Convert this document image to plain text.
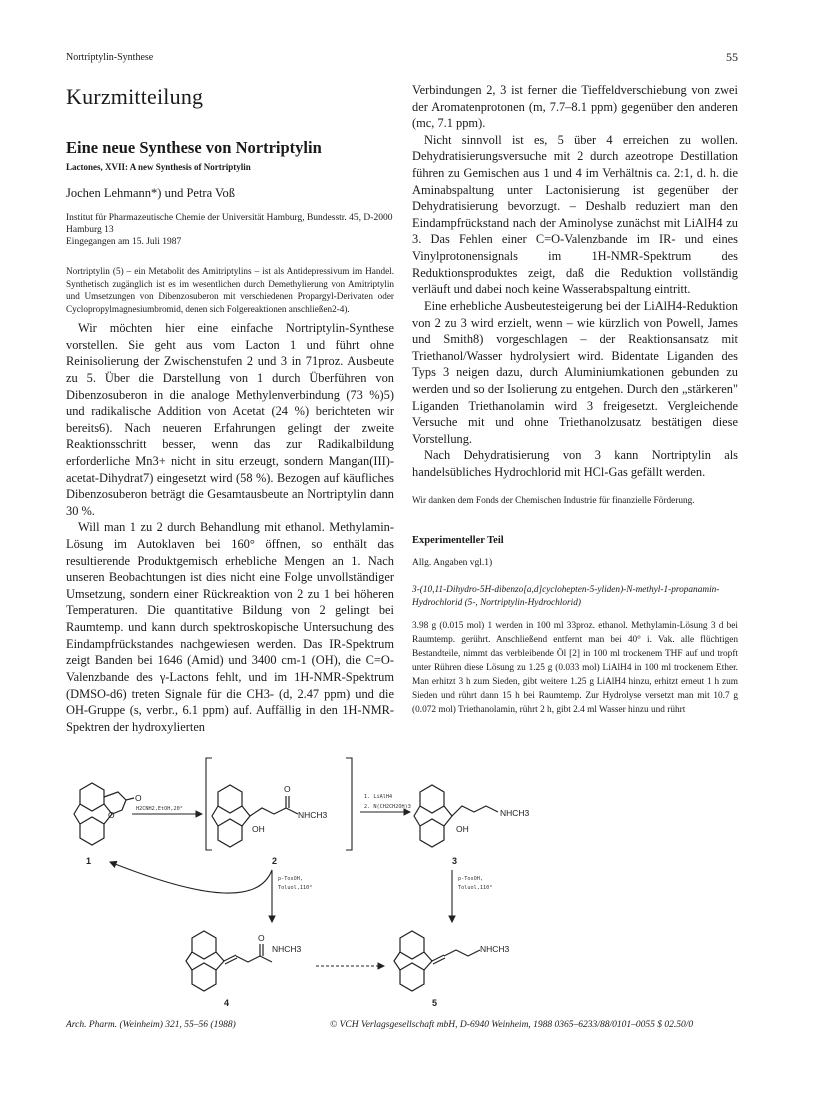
Nortriptylin-Synthese	55
Kurzmitteilung
Eine neue Synthese von Nortriptylin
Lactones, XVII: A new Synthesis of Nortriptylin
Jochen Lehmann*) und Petra Voß
Institut für Pharmazeutische Chemie der Universität Hamburg, Bundesstr. 45, D-2000 Hamburg 13
Eingegangen am 15. Juli 1987

Nortriptylin (5) – ein Metabolit des Amitriptylins – ist als Antidepressivum im Handel. Synthetisch zugänglich ist es im wesentlichen durch Demethylierung von Amitriptylin und Umsetzungen von Dibenzosuberon mit verschiedenen Propargyl-Derivaten oder Cyclopropylmagnesiumbromid, denen sich Folgereaktionen anschließen2-4).

Wir möchten hier eine einfache Nortriptylin-Synthese vorstellen. Sie geht aus vom Lacton 1 und führt ohne Reinisolierung der Zwischenstufen 2 und 3 in 71proz. Ausbeute zu 5. Über die Darstellung von 1 durch Überführen von Dibenzosuberon in die analoge Methylenverbindung (73 %)5) und radikalische Addition von Acetat (24 %) berichteten wir bereits6). Nach neueren Erfahrungen gelingt der zweite Reaktionsschritt besser, wenn das zur Radikalbildung erforderliche Mn3+ nicht in situ erzeugt, sondern Mangan(III)-acetat-Dihydrat7) eingesetzt wird (58 %). Bezogen auf käufliches Dibenzosuberon beträgt die Gesamtausbeute an Nortriptylin dann 30 %.

Will man 1 zu 2 durch Behandlung mit ethanol. Methylamin-Lösung im Autoklaven bei 160° öffnen, so enthält das resultierende Produktgemisch erhebliche Mengen an 1. Nach unseren Beobachtungen ist dies nicht eine Folge unvollständiger Umsetzung, sondern einer Rückreaktion von 2 zu 1 bei höheren Temperaturen. Die quantitative Bildung von 2 gelingt bei Raumtemp. und kann durch spektroskopische Untersuchung des Eindampfrückstandes nachgewiesen werden. Das IR-Spektrum zeigt Banden bei 1646 (Amid) und 3400 cm-1 (OH), die C=O-Valenzbande des γ-Lactons fehlt, und im 1H-NMR-Spektrum (DMSO-d6) treten Signale für die CH3- (d, 2.47 ppm) und die OH-Gruppe (s, verbr., 6.1 ppm) auf. Auffällig in den 1H-NMR-Spektren der hydroxylierten

Verbindungen 2, 3 ist ferner die Tieffeldverschiebung von zwei der Aromatenprotonen (m, 7.7–8.1 ppm) gegenüber den anderen (mc, 7.1 ppm).

Nicht sinnvoll ist es, 5 über 4 erreichen zu wollen. Dehydratisierungsversuche mit 2 durch azeotrope Destillation führen zu Gemischen aus 1 und 4 im Verhältnis ca. 2:1, d. h. die Aminabspaltung unter Lactonisierung ist gegenüber der Dehydratisierung bevorzugt. – Deshalb reduziert man den Eindampfrückstand nach der Aminolyse zunächst mit LiAlH4 zu 3. Das Fehlen einer C=O-Valenzbande im IR- und eines Vinylprotonensignals im 1H-NMR-Spektrum des Reduktionsproduktes zeigt, daß die Reduktion vollständig verläuft und dabei noch keine Wasserabspaltung eintritt.

Eine erhebliche Ausbeutesteigerung bei der LiAlH4-Reduktion von 2 zu 3 wird erzielt, wenn – wie kürzlich von Powell, James und Smith8) vorgeschlagen – der Reaktionsansatz mit Triethanol/Wasser hydrolysiert wird. Bidentate Liganden des Typs 3 neigen dazu, durch Aluminiumkationen gebunden zu werden und so der Isolierung zu entgehen. Durch den „stärkeren" Liganden Triethanolamin wird 3 freigesetzt. Vergleichende Versuche mit und ohne Triethanolzusatz bestätigen diese Vorstellung.

Nach Dehydratisierung von 3 kann Nortriptylin als handelsübliches Hydrochlorid mit HCl-Gas gefällt werden.

Wir danken dem Fonds der Chemischen Industrie für finanzielle Förderung.

Experimenteller Teil
Allg. Angaben vgl.1)
3-(10,11-Dihydro-5H-dibenzo[a,d]cyclohepten-5-yliden)-N-methyl-1-propanamin-Hydrochlorid (5-, Nortriptylin-Hydrochlorid)

3.98 g (0.015 mol) 1 werden in 100 ml 33proz. ethanol. Methylamin-Lösung 3 d bei Raumtemp. gerührt. Anschließend entfernt man bei 40° i. Vak. alle flüchtigen Bestandteile, nimmt das verbleibende Öl [2] in 100 ml trockenem THF auf und tropft unter Rühren diese Lösung zu 1.25 g (0.033 mol) LiAlH4 in 100 ml trockenem Ether. Man erhitzt 3 h zum Sieden, gibt weitere 1.25 g LiAlH4 hinzu, erhitzt erneut 1 h zum Sieden und rührt dann 15 h bei Raumtemp. Zur Hydrolyse versetzt man mit 10.7 g (0.072 mol) Triethanolamin, rührt 2 h, gibt 2.4 ml Wasser hinzu und rührt

O
O
1
H2CNH2,EtOH,20°
O
NHCH3
OH
2
1. LiAlH4
2. N(CH2CH2OH)3
NHCH3
OH
3
p-TosOH,
Toluol,110°
p-TosOH,
Toluol,110°
O
NHCH3
4
NHCH3
5
Arch. Pharm. (Weinheim) 321, 55–56 (1988)	© VCH Verlagsgesellschaft mbH, D-6940 Weinheim, 1988 0365–6233/88/0101–0055 $ 02.50/0
